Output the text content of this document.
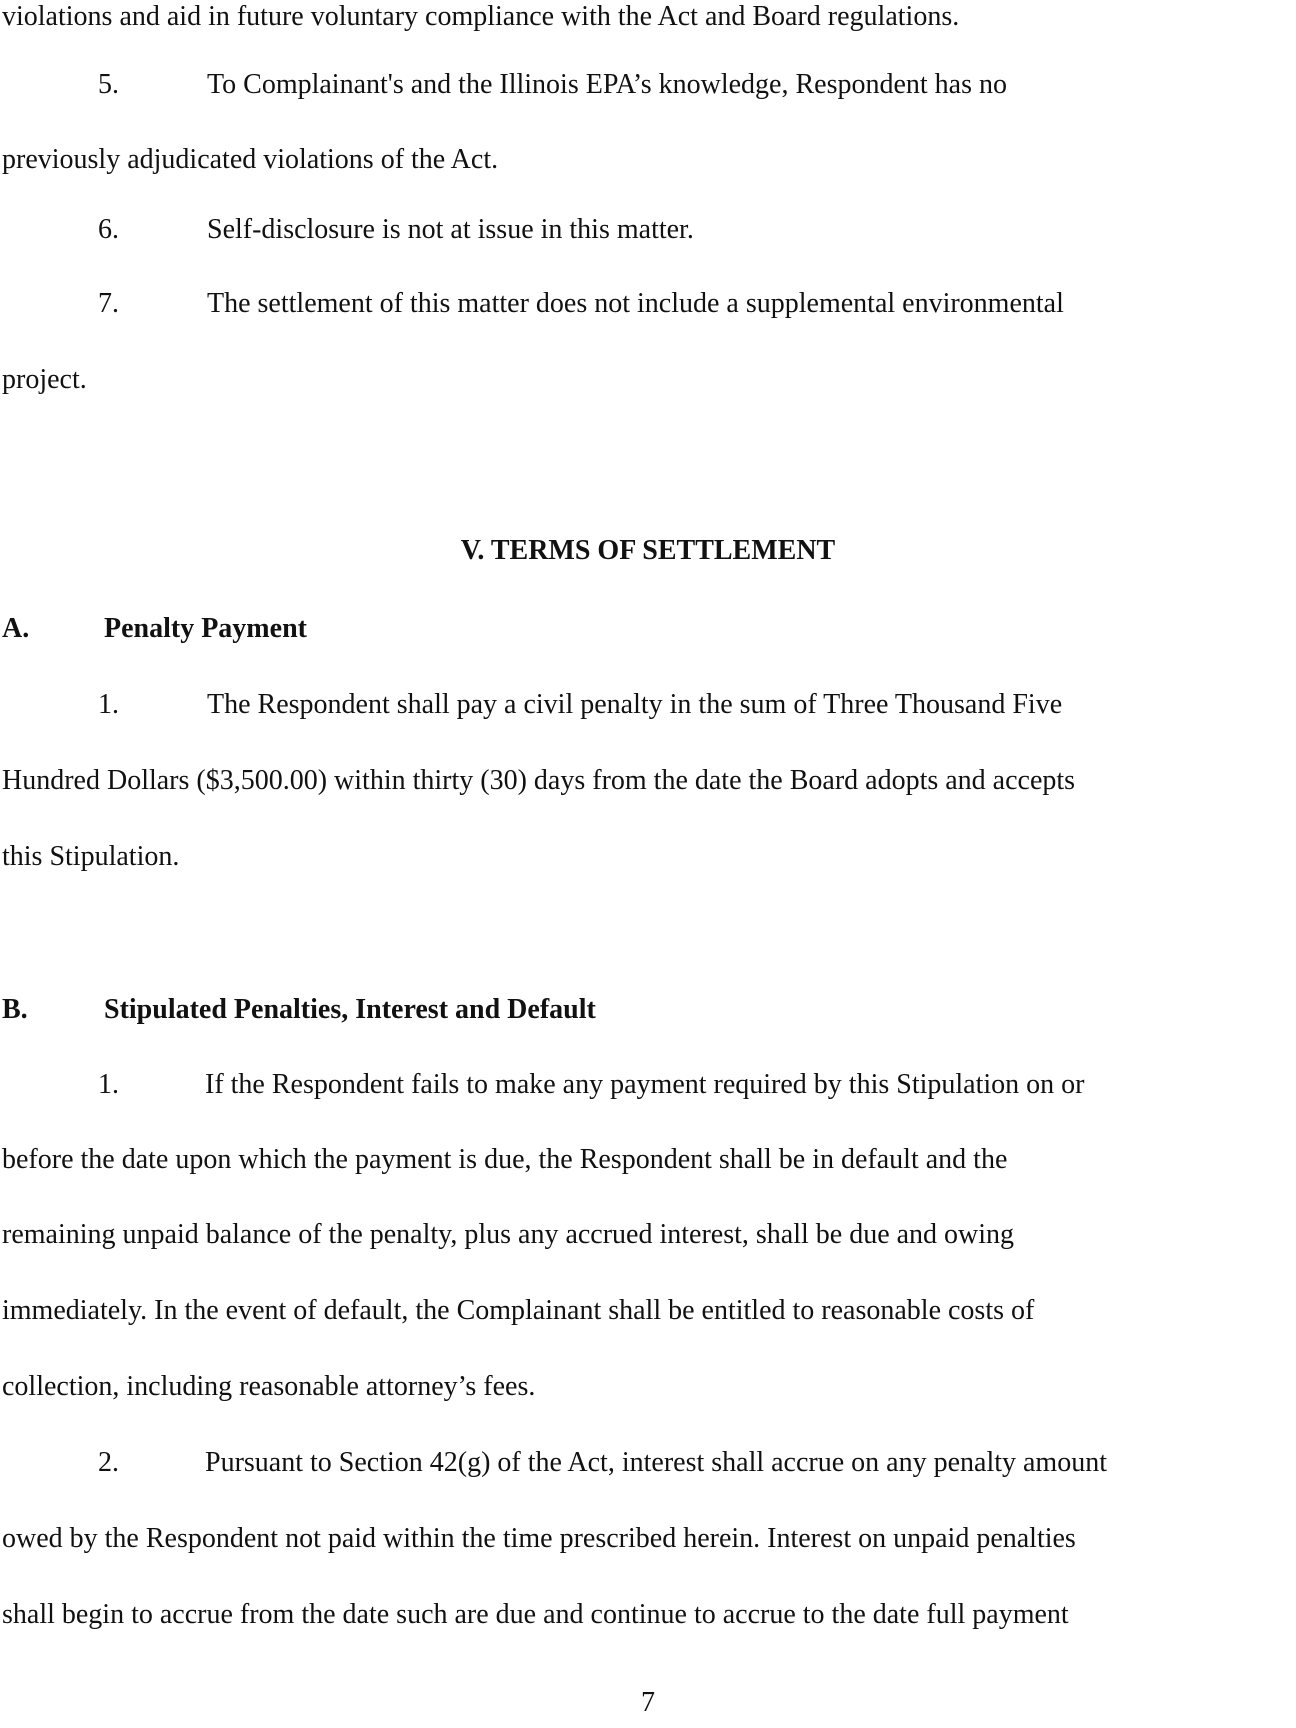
violations and aid in future voluntary compliance with the Act and Board regulations.

5.	To Complainant's and the Illinois EPA’s knowledge, Respondent has no

previously adjudicated violations of the Act.

6.	Self-disclosure is not at issue in this matter.

7.	The settlement of this matter does not include a supplemental environmental

project.

V. TERMS OF SETTLEMENT
A.	Penalty Payment
1.	The Respondent shall pay a civil penalty in the sum of Three Thousand Five

Hundred Dollars ($3,500.00) within thirty (30) days from the date the Board adopts and accepts

this Stipulation.

B.	Stipulated Penalties, Interest and Default
1.	If the Respondent fails to make any payment required by this Stipulation on or

before the date upon which the payment is due, the Respondent shall be in default and the

remaining unpaid balance of the penalty, plus any accrued interest, shall be due and owing

immediately. In the event of default, the Complainant shall be entitled to reasonable costs of

collection, including reasonable attorney’s fees.

2.	Pursuant to Section 42(g) of the Act, interest shall accrue on any penalty amount

owed by the Respondent not paid within the time prescribed herein. Interest on unpaid penalties

shall begin to accrue from the date such are due and continue to accrue to the date full payment

7
